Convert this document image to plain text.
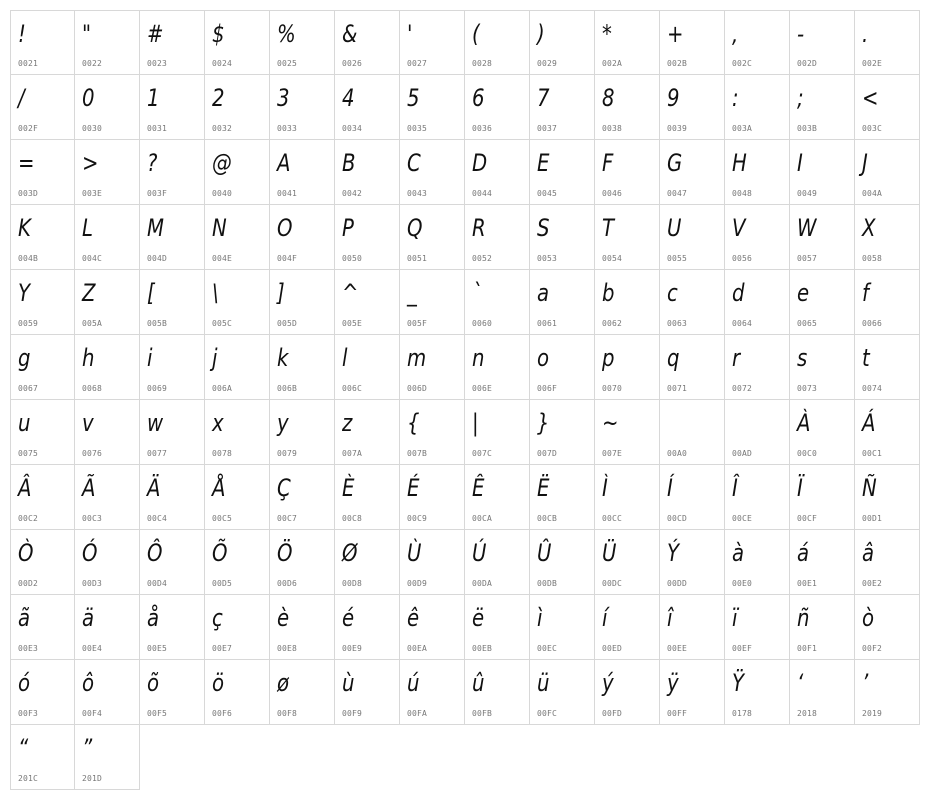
!
0021
"
0022
#
0023
$
0024
%
0025
&
0026
'
0027
(
0028
)
0029
*
002A
+
002B
,
002C
-
002D
.
002E
/
002F
0
0030
1
0031
2
0032
3
0033
4
0034
5
0035
6
0036
7
0037
8
0038
9
0039
:
003A
;
003B
<
003C
=
003D
>
003E
?
003F
@
0040
A
0041
B
0042
C
0043
D
0044
E
0045
F
0046
G
0047
H
0048
I
0049
J
004A
K
004B
L
004C
M
004D
N
004E
O
004F
P
0050
Q
0051
R
0052
S
0053
T
0054
U
0055
V
0056
W
0057
X
0058
Y
0059
Z
005A
[
005B
\
005C
]
005D
^
005E
_
005F
`
0060
a
0061
b
0062
c
0063
d
0064
e
0065
f
0066
g
0067
h
0068
i
0069
j
006A
k
006B
l
006C
m
006D
n
006E
o
006F
p
0070
q
0071
r
0072
s
0073
t
0074
u
0075
v
0076
w
0077
x
0078
y
0079
z
007A
{
007B
|
007C
}
007D
~
007E	00A0	00AD
À
00C0
Á
00C1
Â
00C2
Ã
00C3
Ä
00C4
Å
00C5
Ç
00C7
È
00C8
É
00C9
Ê
00CA
Ë
00CB
Ì
00CC
Í
00CD
Î
00CE
Ï
00CF
Ñ
00D1
Ò
00D2
Ó
00D3
Ô
00D4
Õ
00D5
Ö
00D6
Ø
00D8
Ù
00D9
Ú
00DA
Û
00DB
Ü
00DC
Ý
00DD
à
00E0
á
00E1
â
00E2
ã
00E3
ä
00E4
å
00E5
ç
00E7
è
00E8
é
00E9
ê
00EA
ë
00EB
ì
00EC
í
00ED
î
00EE
ï
00EF
ñ
00F1
ò
00F2
ó
00F3
ô
00F4
õ
00F5
ö
00F6
ø
00F8
ù
00F9
ú
00FA
û
00FB
ü
00FC
ý
00FD
ÿ
00FF
Ÿ
0178
‘
2018
’
2019
“
201C
”
201D
